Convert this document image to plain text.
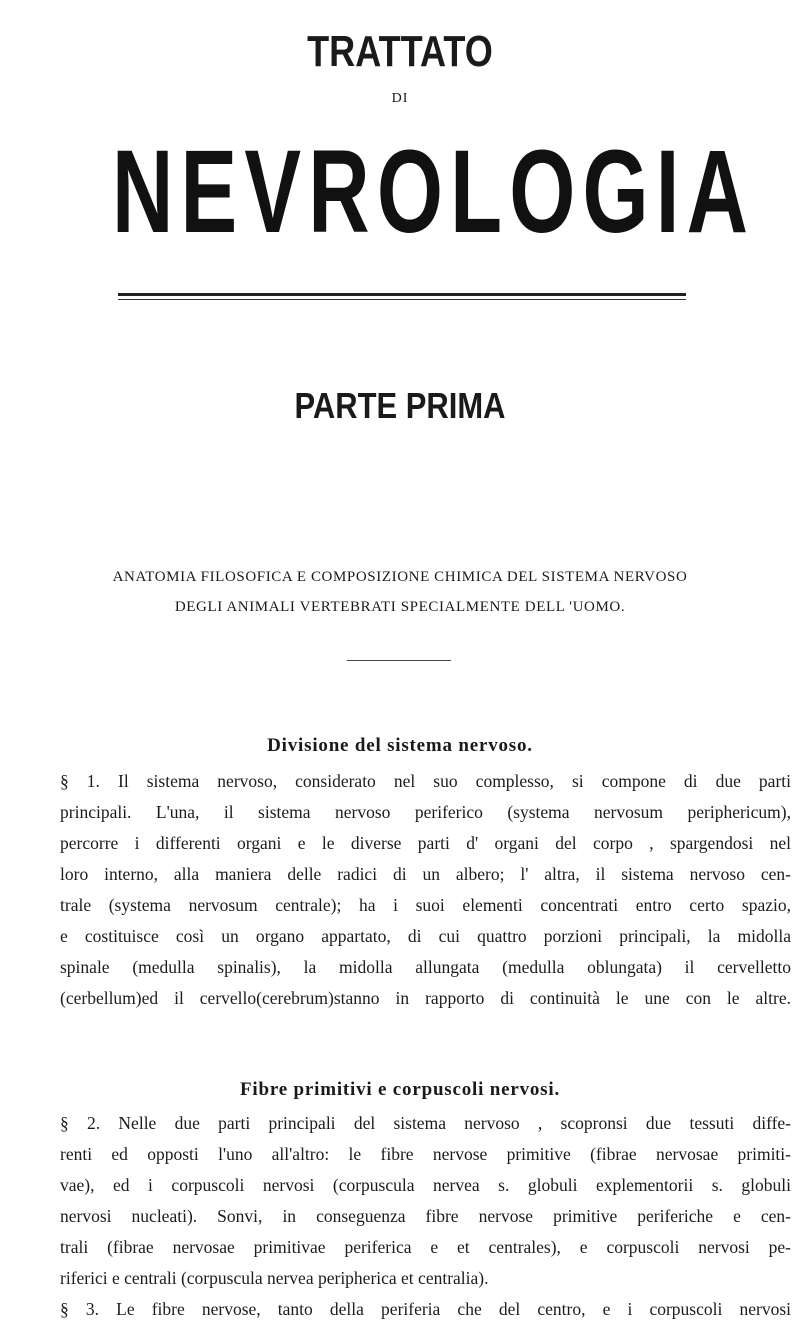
TRATTATO
DI
NEVROLOGIA
PARTE PRIMA
ANATOMIA FILOSOFICA E COMPOSIZIONE CHIMICA DEL SISTEMA NERVOSO
DEGLI ANIMALI VERTEBRATI SPECIALMENTE DELL 'UOMO.
Divisione del sistema nervoso.
§ 1. Il sistema nervoso, considerato nel suo complesso, si compone di due parti
principali. L'una, il sistema nervoso periferico (systema nervosum periphericum),
percorre i differenti organi e le diverse parti d' organi del corpo , spargendosi nel
loro interno, alla maniera delle radici di un albero; l' altra, il sistema nervoso cen-
trale (systema nervosum centrale); ha i suoi elementi concentrati entro certo spazio,
e costituisce così un organo appartato, di cui quattro porzioni principali, la midolla
spinale (medulla spinalis), la midolla allungata (medulla oblungata) il cervelletto
(cerbellum)ed il cervello(cerebrum)stanno in rapporto di continuità le une con le altre.
Fibre primitivi e corpuscoli nervosi.
§ 2. Nelle due parti principali del sistema nervoso , scopronsi due tessuti diffe-
renti ed opposti l'uno all'altro: le fibre nervose primitive (fibrae nervosae primiti-
vae), ed i corpuscoli nervosi (corpuscula nervea s. globuli explementorii s. globuli
nervosi nucleati). Sonvi, in conseguenza fibre nervose primitive periferiche e cen-
trali (fibrae nervosae primitivae periferica e et centrales), e corpuscoli nervosi pe-
riferici e centrali (corpuscula nervea peripherica et centralia).
§ 3. Le fibre nervose, tanto della periferia che del centro, e i corpuscoli nervosi
